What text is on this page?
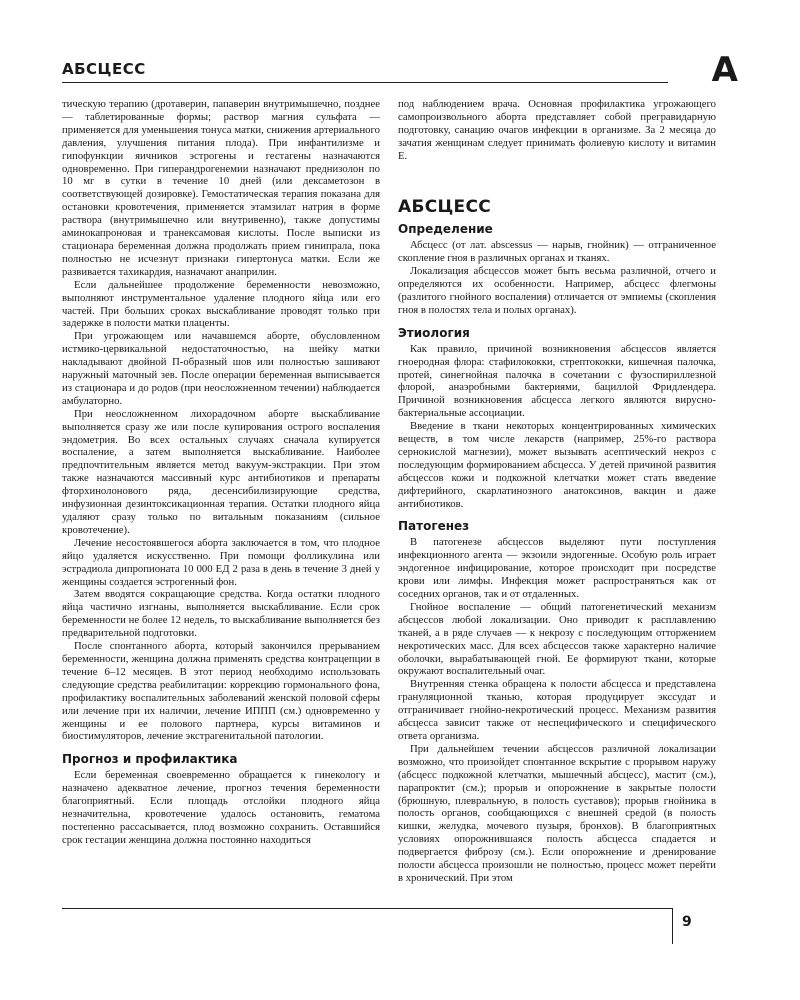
АБСЦЕСС	А

тическую терапию (дротаверин, папаверин внутримышечно, позднее — таблетированные формы; раствор магния сульфата — применяется для уменьшения тонуса матки, снижения артериального давления, улучшения питания плода). При инфантилизме и гипофункции яичников эстрогены и гестагены назначаются одновременно. При гиперандрогенемии назначают преднизолон по 10 мг в сутки в течение 10 дней (или дексаметозон в соответствующей дозировке). Гемостатическая терапия показана для остановки кровотечения, применяется этамзилат натрия в форме раствора (внутримышечно или внутривенно), также допустимы аминокапроновая и транексамовая кислоты. После выписки из стационара беременная должна продолжать прием гинипрала, пока полностью не исчезнут признаки гипертонуса матки. Если же развивается тахикардия, назначают анаприлин.

Если дальнейшее продолжение беременности невозможно, выполняют инструментальное удаление плодного яйца или его частей. При больших сроках выскабливание проводят только при задержке в полости матки плаценты.

При угрожающем или начавшемся аборте, обусловленном истмико-цервикальной недостаточностью, на шейку матки накладывают двойной П-образный шов или полностью зашивают наружный маточный зев. После операции беременная выписывается из стационара и до родов (при неосложненном течении) наблюдается амбулаторно.

При неосложненном лихорадочном аборте выскабливание выполняется сразу же или после купирования острого воспаления эндометрия. Во всех остальных случаях сначала купируется воспаление, а затем выполняется выскабливание. Наиболее предпочтительным является метод вакуум-экстракции. При этом также назначаются массивный курс антибиотиков и препараты фторхинолонового ряда, десенсибилизирующие средства, инфузионная дезинтоксикационная терапия. Остатки плодного яйца удаляют сразу только по витальным показаниям (сильное кровотечение).

Лечение несостоявшегося аборта заключается в том, что плодное яйцо удаляется искусственно. При помощи фолликулина или эстрадиола дипропионата 10 000 ЕД 2 раза в день в течение 3 дней у женщины создается эстрогенный фон.

Затем вводятся сокращающие средства. Когда остатки плодного яйца частично изгнаны, выполняется выскабливание. Если срок беременности не более 12 недель, то выскабливание выполняется без предварительной подготовки.

После спонтанного аборта, который закончился прерыванием беременности, женщина должна применять средства контрацепции в течение 6–12 месяцев. В этот период необходимо использовать следующие средства реабилитации: коррекцию гормонального фона, профилактику воспалительных заболеваний женской половой сферы или лечение при их наличии, лечение ИППП (см.) одновременно у женщины и ее полового партнера, курсы витаминов и биостимуляторов, лечение экстрагенитальной патологии.

Прогноз и профилактика

Если беременная своевременно обращается к гинекологу и назначено адекватное лечение, прогноз течения беременности благоприятный. Если площадь отслойки плодного яйца незначительна, кровотечение удалось остановить, гематома постепенно рассасывается, плод возможно сохранить. Оставшийся срок гестации женщина должна постоянно находиться

под наблюдением врача. Основная профилактика угрожающего самопроизвольного аборта представляет собой прегравидарную подготовку, санацию очагов инфекции в организме. За 2 месяца до зачатия женщинам следует принимать фолиевую кислоту и витамин Е.

АБСЦЕСС
Определение

Абсцесс (от лат. abscessus — нарыв, гнойник) — отграниченное скопление гноя в различных органах и тканях.

Локализация абсцессов может быть весьма различной, отчего и определяются их особенности. Например, абсцесс флегмоны (разлитого гнойного воспаления) отличается от эмпиемы (скопления гноя в полостях тела и полых органах).

Этиология

Как правило, причиной возникновения абсцессов является гноеродная флора: стафилококки, стрептококки, кишечная палочка, протей, синегнойная палочка в сочетании с фузоспириллезной флорой, анаэробными бактериями, бациллой Фридлендера. Причиной возникновения абсцесса легкого являются вирусно-бактериальные ассоциации.

Введение в ткани некоторых концентрированных химических веществ, в том числе лекарств (например, 25%-го раствора сернокислой магнезии), может вызывать асептический некроз с последующим формированием абсцесса. У детей причиной развития абсцессов кожи и подкожной клетчатки может стать введение дифтерийного, скарлатинозного анатоксинов, вакцин и даже антибиотиков.

Патогенез

В патогенезе абсцессов выделяют пути поступления инфекционного агента — экзоили эндогенные. Особую роль играет эндогенное инфицирование, которое происходит при посредстве крови или лимфы. Инфекция может распространяться как от соседних органов, так и от отдаленных.

Гнойное воспаление — общий патогенетический механизм абсцессов любой локализации. Оно приводит к расплавлению тканей, а в ряде случаев — к некрозу с последующим отторжением некротических масс. Для всех абсцессов также характерно наличие оболочки, вырабатывающей гной. Ее формируют ткани, которые окружают воспалительный очаг.

Внутренняя стенка обращена к полости абсцесса и представлена грануляционной тканью, которая продуцирует экссудат и отграничивает гнойно-некротический процесс. Механизм развития абсцесса зависит также от неспецифического и специфического ответа организма.

При дальнейшем течении абсцессов различной локализации возможно, что произойдет спонтанное вскрытие с прорывом наружу (абсцесс подкожной клетчатки, мышечный абсцесс), мастит (см.), парапроктит (см.); прорыв и опорожнение в закрытые полости (брюшную, плевральную, в полость суставов); прорыв гнойника в полость органов, сообщающихся с внешней средой (в полость кишки, желудка, мочевого пузыря, бронхов). В благоприятных условиях опорожнившаяся полость абсцесса спадается и подвергается фиброзу (см.). Если опорожнение и дренирование полости абсцесса произошли не полностью, процесс может перейти в хронический. При этом

9
